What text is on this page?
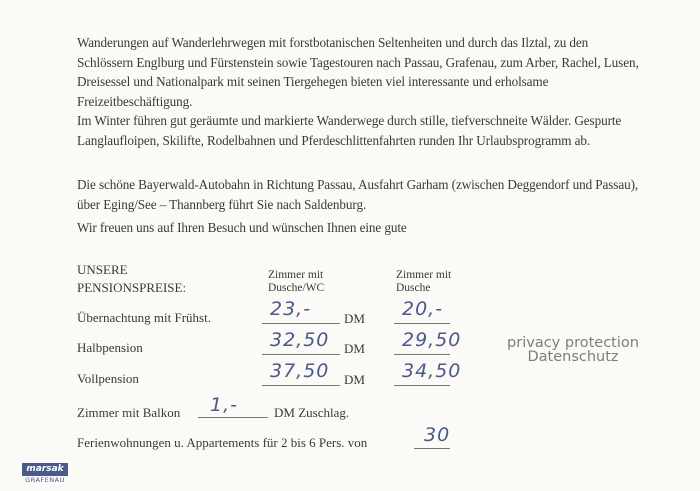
Wanderungen auf Wanderlehrwegen mit forstbotanischen Seltenheiten und durch das Ilztal, zu den Schlössern Englburg und Fürstenstein sowie Tagestouren nach Passau, Grafenau, zum Arber, Rachel, Lusen, Dreisessel und Nationalpark mit seinen Tiergehegen bieten viel interessante und erholsame Freizeitbeschäftigung.
Im Winter führen gut geräumte und markierte Wanderwege durch stille, tiefverschneite Wälder. Gespurte Langlaufloipen, Skilifte, Rodelbahnen und Pferdeschlittenfahrten runden Ihr Urlaubsprogramm ab.
Die schöne Bayerwald-Autobahn in Richtung Passau, Ausfahrt Garham (zwischen Deggendorf und Passau), über Eging/See – Thannberg führt Sie nach Saldenburg.
Wir freuen uns auf Ihren Besuch und wünschen Ihnen eine gute
UNSERE
PENSIONSPREISE:
Zimmer mit
Dusche/WC
Zimmer mit
Dusche
Übernachtung mit Frühst.	23,-	DM 20,-
Halbpension	32,50 DM 29,50
Vollpension	37,50 DM 34,50
Zimmer mit Balkon 1,-	DM Zuschlag.
Ferienwohnungen u. Appartements für 2 bis 6 Pers. von	30
privacy protection
Datenschutz
marsak
GRAFENAU
